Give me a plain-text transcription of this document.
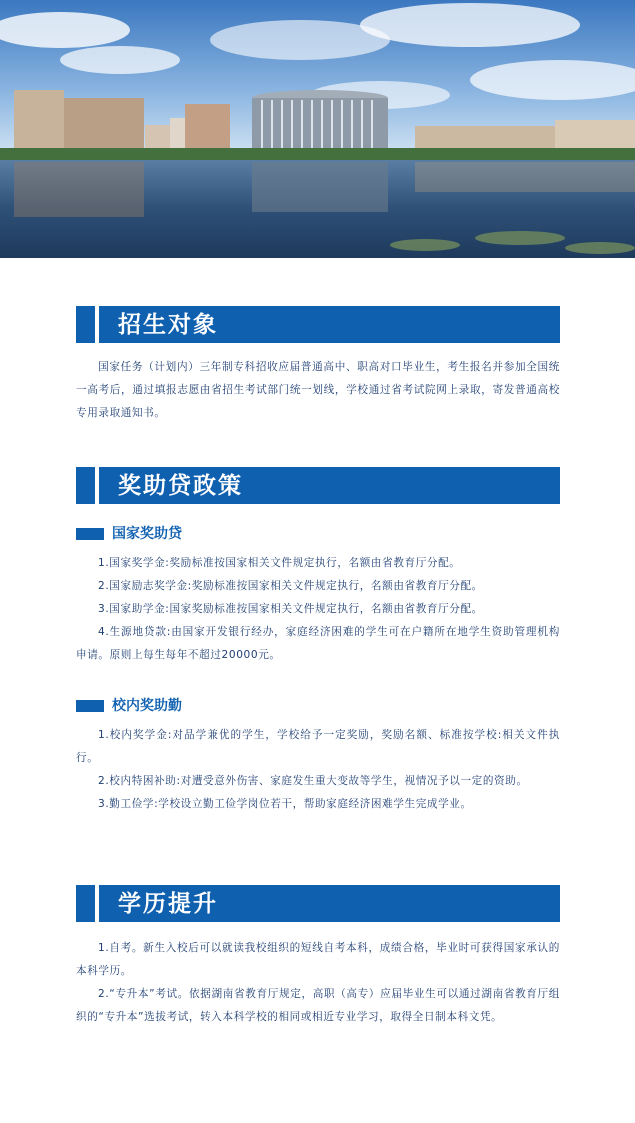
招生对象
国家任务（计划内）三年制专科招收应届普通高中、职高对口毕业生，考生报名并参加全国统一高考后，通过填报志愿由省招生考试部门统一划线，学校通过省考试院网上录取，寄发普通高校专用录取通知书。
奖助贷政策
国家奖助贷
1.国家奖学金:奖励标准按国家相关文件规定执行，名额由省教育厅分配。
2.国家励志奖学金:奖励标准按国家相关文件规定执行，名额由省教育厅分配。
3.国家助学金:国家奖励标准按国家相关文件规定执行，名额由省教育厅分配。
4.生源地贷款:由国家开发银行经办，家庭经济困难的学生可在户籍所在地学生资助管理机构申请。原则上每生每年不超过20000元。
校内奖助勤
1.校内奖学金:对品学兼优的学生，学校给予一定奖励，奖励名额、标准按学校:相关文件执行。
2.校内特困补助:对遭受意外伤害、家庭发生重大变故等学生，视情况予以一定的资助。
3.勤工俭学:学校设立勤工俭学岗位若干，帮助家庭经济困难学生完成学业。
学历提升
1.自考。新生入校后可以就读我校组织的短线自考本科，成绩合格，毕业时可获得国家承认的本科学历。
2.“专升本”考试。依据湖南省教育厅规定，高职（高专）应届毕业生可以通过湖南省教育厅组织的“专升本”选拔考试，转入本科学校的相同或相近专业学习，取得全日制本科文凭。
